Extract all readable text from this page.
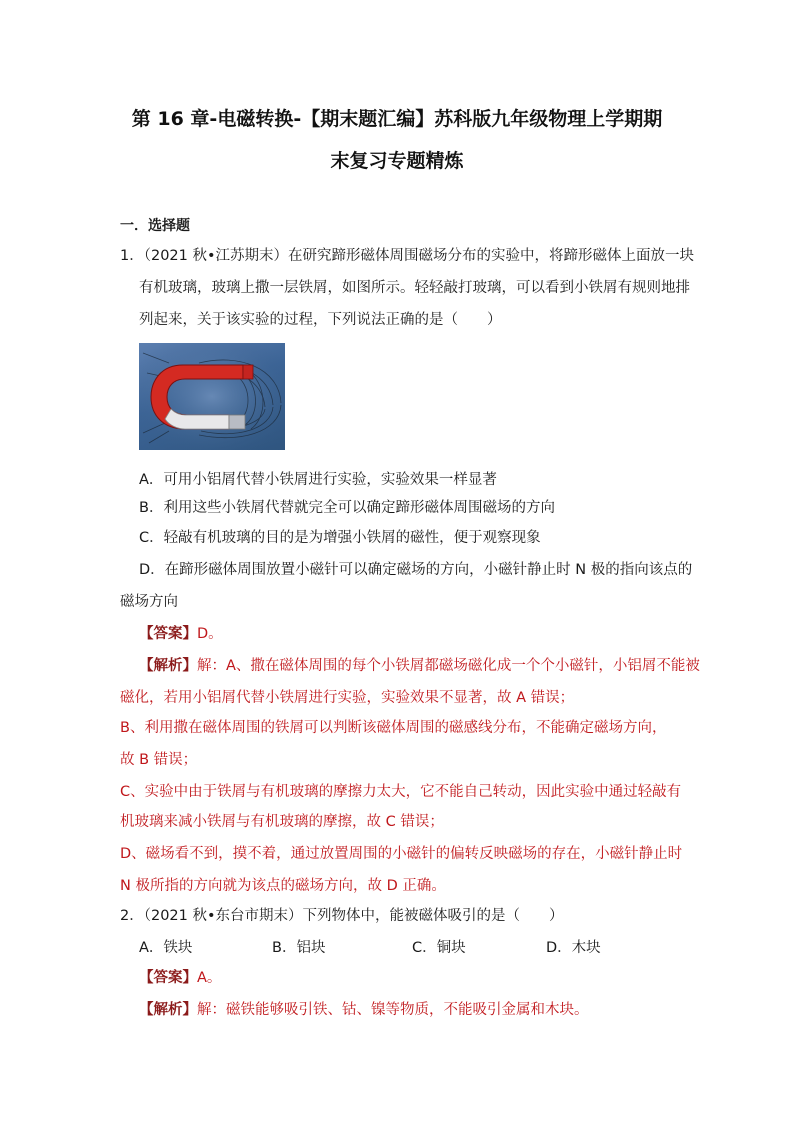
第 16 章-电磁转换-【期末题汇编】苏科版九年级物理上学期期
末复习专题精炼
一．选择题
1．（2021 秋•江苏期末）在研究蹄形磁体周围磁场分布的实验中，将蹄形磁体上面放一块
有机玻璃，玻璃上撒一层铁屑，如图所示。轻轻敲打玻璃，可以看到小铁屑有规则地排
列起来，关于该实验的过程，下列说法正确的是（　　）
A．可用小铝屑代替小铁屑进行实验，实验效果一样显著
B．利用这些小铁屑代替就完全可以确定蹄形磁体周围磁场的方向
C．轻敲有机玻璃的目的是为增强小铁屑的磁性，便于观察现象
D．在蹄形磁体周围放置小磁针可以确定磁场的方向，小磁针静止时 N 极的指向该点的
磁场方向
【答案】D。
【解析】解：A、撒在磁体周围的每个小铁屑都磁场磁化成一个个小磁针，小铝屑不能被
磁化，若用小铝屑代替小铁屑进行实验，实验效果不显著，故 A 错误；
B、利用撒在磁体周围的铁屑可以判断该磁体周围的磁感线分布，不能确定磁场方向，
故 B 错误；
C、实验中由于铁屑与有机玻璃的摩擦力太大，它不能自己转动，因此实验中通过轻敲有
机玻璃来减小铁屑与有机玻璃的摩擦，故 C 错误；
D、磁场看不到，摸不着，通过放置周围的小磁针的偏转反映磁场的存在，小磁针静止时
N 极所指的方向就为该点的磁场方向，故 D 正确。
2．（2021 秋•东台市期末）下列物体中，能被磁体吸引的是（　　）
A．铁块	B．铝块	C．铜块	D．木块
【答案】A。
【解析】解：磁铁能够吸引铁、钴、镍等物质，不能吸引金属和木块。
